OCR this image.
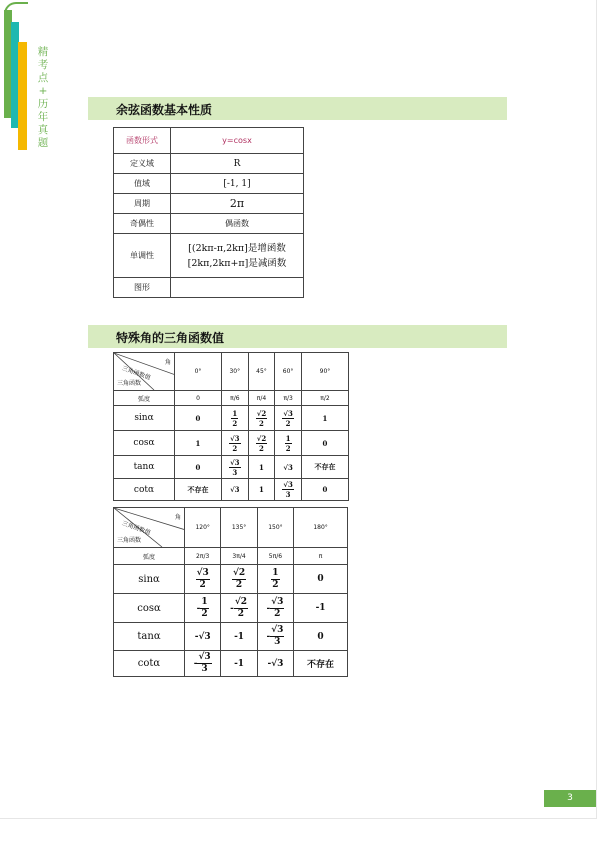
精
考
点
+
历
年
真
题
余弦函数基本性质
函数形式	y=cosx
定义域	R
值域	[-1, 1]
周期	2π
奇偶性	偶函数
单调性	[(2kπ-π,2kπ]是增函数
[2kπ,2kπ+π]是减函数

图形	
特殊角的三角函数值
角
三角函数值
三角函数	0°	30°	45°	60°	90°
弧度	0	π/6	π/4	π/3	π/2
sinα	0	$\frac{1}{2}$	$\frac{√2}{2}$	$\frac{√3}{2}$	1
cosα	1	$\frac{√3}{2}$	$\frac{√2}{2}$	$\frac{1}{2}$	0
tanα	0	$\frac{√3}{3}$	1	√3	不存在
cotα	不存在	√3	1	$\frac{√3}{3}$	0
角
三角函数值
三角函数	120°	135°	150°	180°
弧度	2π/3	3π/4	5π/6	π
sinα	$\frac{√3}{2}$	$\frac{√2}{2}$	$\frac{1}{2}$	0
cosα	- $\frac{1}{2}$	- $\frac{√2}{2}$	- $\frac{√3}{2}$	-1
tanα	-√3	-1	- $\frac{√3}{3}$	0
cotα	- $\frac{√3}{3}$	-1	-√3	不存在
3
